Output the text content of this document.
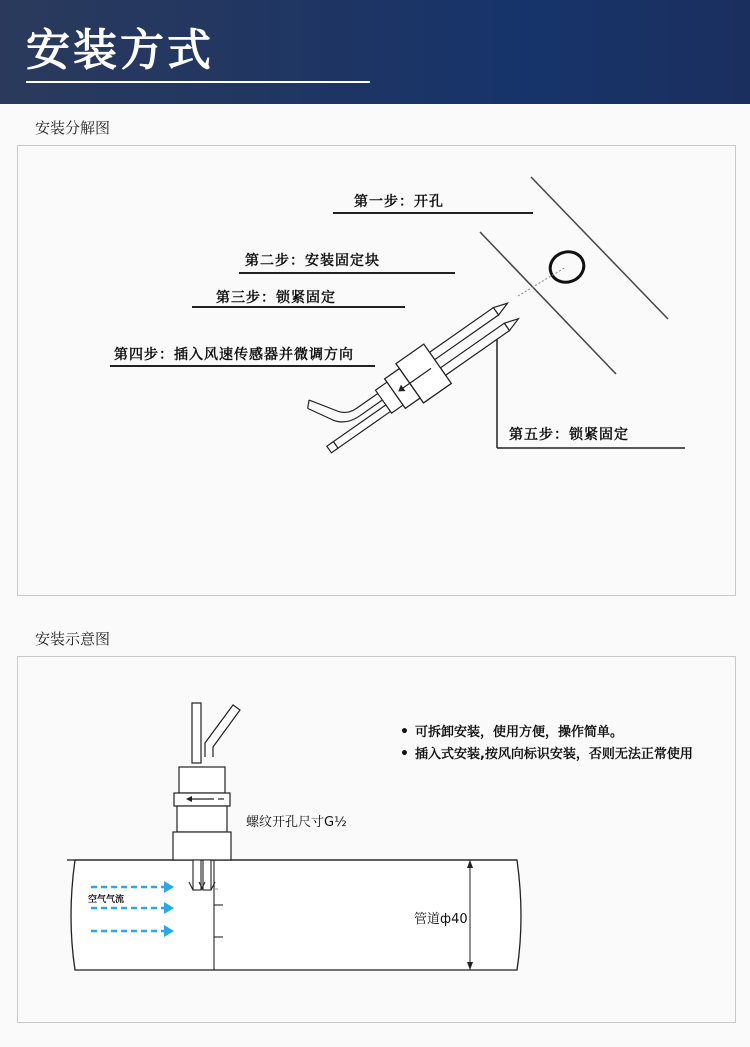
安装方式
安装分解图
第一步：开孔
第二步：安装固定块
第三步：锁紧固定
第四步：插入风速传感器并微调方向
第五步：锁紧固定
安装示意图
空气气流
• 可拆卸安装，使用方便，操作简单。
• 插入式安装,按风向标识安装，否则无法正常使用
螺纹开孔尺寸G½
管道ф40
